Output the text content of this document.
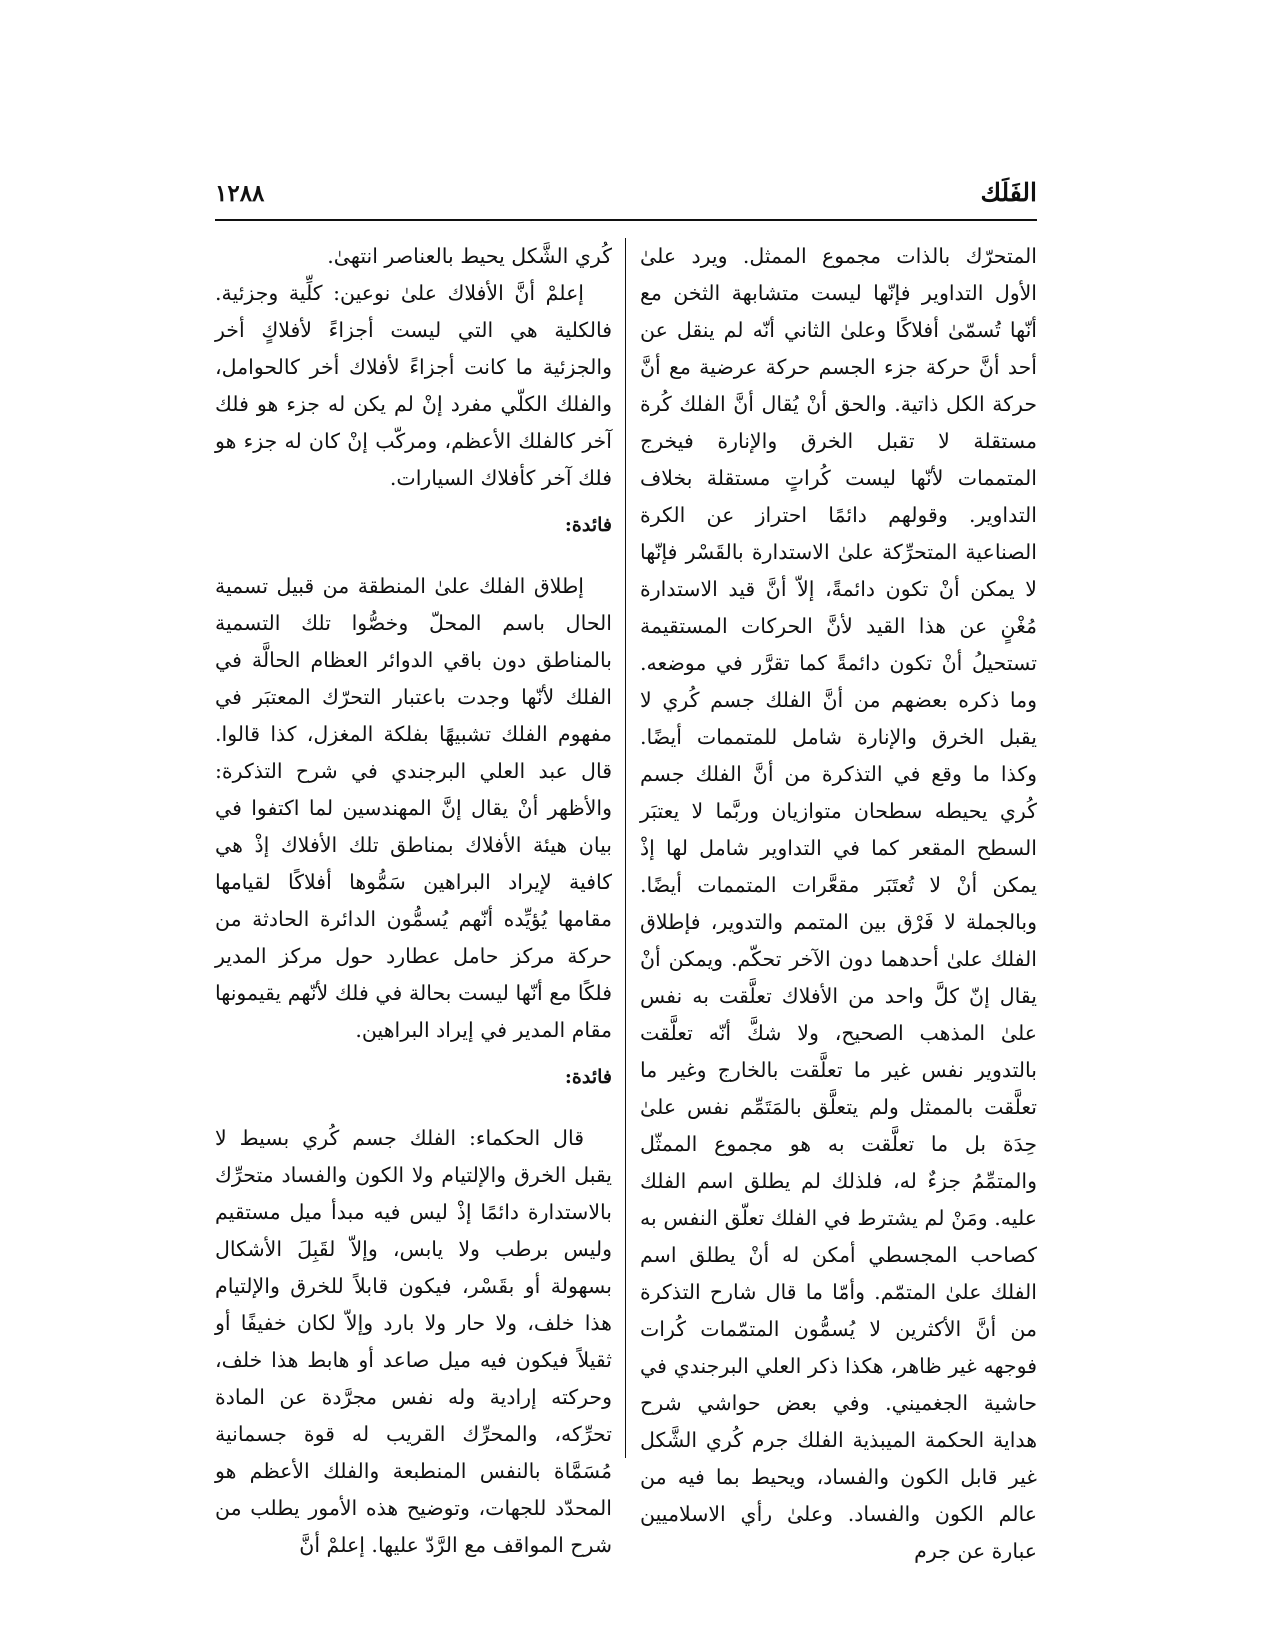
الفَلَك
١٢٨٨

المتحرّك بالذات مجموع الممثل. ويرد علىٰ الأول التداوير فإنّها ليست متشابهة الثخن مع أنّها تُسمّىٰ أفلاكًا وعلىٰ الثاني أنّه لم ينقل عن أحد أنَّ حركة جزء الجسم حركة عرضية مع أنَّ حركة الكل ذاتية. والحق أنْ يُقال أنَّ الفلك كُرة مستقلة لا تقبل الخرق والإنارة فيخرج المتممات لأنّها ليست كُراتٍ مستقلة بخلاف التداوير. وقولهم دائمًا احتراز عن الكرة الصناعية المتحرِّكة علىٰ الاستدارة بالقَسْر فإنّها لا يمكن أنْ تكون دائمةً، إلاّ أنَّ قيد الاستدارة مُغْنٍ عن هذا القيد لأنَّ الحركات المستقيمة تستحيلُ أنْ تكون دائمةً كما تقرَّر في موضعه. وما ذكره بعضهم من أنَّ الفلك جسم كُري لا يقبل الخرق والإنارة شامل للمتممات أيضًا. وكذا ما وقع في التذكرة من أنَّ الفلك جسم كُري يحيطه سطحان متوازيان وربَّما لا يعتبَر السطح المقعر كما في التداوير شامل لها إذْ يمكن أنْ لا تُعتَبَر مقعَّرات المتممات أيضًا. وبالجملة لا فَرْق بين المتمم والتدوير، فإطلاق الفلك علىٰ أحدهما دون الآخر تحكّم. ويمكن أنْ يقال إنّ كلَّ واحد من الأفلاك تعلَّقت به نفس علىٰ المذهب الصحيح، ولا شكَّ أنّه تعلَّقت بالتدوير نفس غير ما تعلَّقت بالخارج وغير ما تعلَّقت بالممثل ولم يتعلَّق بالمَتَمِّم نفس علىٰ حِدَة بل ما تعلَّقت به هو مجموع الممثّل والمتمِّمُ جزءٌ له، فلذلك لم يطلق اسم الفلك عليه. ومَنْ لم يشترط في الفلك تعلّق النفس به كصاحب المجسطي أمكن له أنْ يطلق اسم الفلك علىٰ المتمّم. وأمّا ما قال شارح التذكرة من أنَّ الأكثرين لا يُسمُّون المتمّمات كُرات فوجهه غير ظاهر، هكذا ذكر العلي البرجندي في حاشية الجغميني. وفي بعض حواشي شرح هداية الحكمة الميبذية الفلك جرم كُري الشَّكل غير قابل الكون والفساد، ويحيط بما فيه من عالم الكون والفساد. وعلىٰ رأي الاسلاميين عبارة عن جرم

كُري الشَّكل يحيط بالعناصر انتهىٰ.

إعلمْ أنَّ الأفلاك علىٰ نوعين: كلِّية وجزئية. فالكلية هي التي ليست أجزاءً لأفلاكٍ أخر والجزئية ما كانت أجزاءً لأفلاك أخر كالحوامل، والفلك الكلّي مفرد إنْ لم يكن له جزء هو فلك آخر كالفلك الأعظم، ومركّب إنْ كان له جزء هو فلك آخر كأفلاك السيارات.

فائدة:

إطلاق الفلك علىٰ المنطقة من قبيل تسمية الحال باسم المحلّ وخصُّوا تلك التسمية بالمناطق دون باقي الدوائر العظام الحالَّة في الفلك لأنّها وجدت باعتبار التحرّك المعتبَر في مفهوم الفلك تشبيهًا بفلكة المغزل، كذا قالوا. قال عبد العلي البرجندي في شرح التذكرة: والأظهر أنْ يقال إنَّ المهندسين لما اكتفوا في بيان هيئة الأفلاك بمناطق تلك الأفلاك إذْ هي كافية لإيراد البراهين سَمُّوها أفلاكًا لقيامها مقامها يُؤيِّده أنّهم يُسمُّون الدائرة الحادثة من حركة مركز حامل عطارد حول مركز المدير فلكًا مع أنّها ليست بحالة في فلك لأنّهم يقيمونها مقام المدير في إيراد البراهين.

فائدة:

قال الحكماء: الفلك جسم كُري بسيط لا يقبل الخرق والإلتيام ولا الكون والفساد متحرِّك بالاستدارة دائمًا إذْ ليس فيه مبدأ ميل مستقيم وليس برطب ولا يابس، وإلاّ لقَبِلَ الأشكال بسهولة أو بقَسْر، فيكون قابلاً للخرق والإلتيام هذا خلف، ولا حار ولا بارد وإلاّ لكان خفيفًا أو ثقيلاً فيكون فيه ميل صاعد أو هابط هذا خلف، وحركته إرادية وله نفس مجرَّدة عن المادة تحرِّكه، والمحرِّك القريب له قوة جسمانية مُسَمَّاة بالنفس المنطبعة والفلك الأعظم هو المحدّد للجهات، وتوضيح هذه الأمور يطلب من شرح المواقف مع الرَّدّ عليها. إعلمْ أنَّ
